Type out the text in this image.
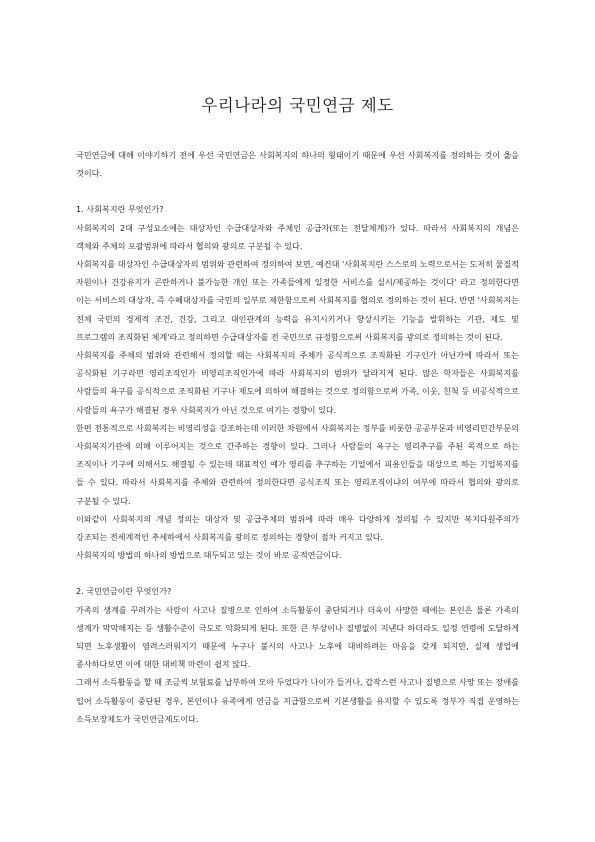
우리나라의 국민연금 제도

국민연금에 대해 이야기하기 전에 우선 국민연금은 사회복지의 하나의 형태이기 때문에 우선 사회복지를 정의하는 것이 옳을 것이다.

1. 사회복지란 무엇인가?

사회복지의 2대 구성요소에는 대상자인 수급대상자와 주체인 공급자(또는 전달체계)가 있다. 따라서 사회복지의 개념은 객체와 주체의 포괄범위에 따라서 협의와 광의로 구분될 수 있다.

사회복지를 대상자인 수급대상자의 범위와 관련하여 정의하여 보면, 예컨대 '사회복지란 스스로의 노력으로서는 도저히 물질적 자원이나 건강유지가 곤란하거나 불가능한 개인 또는 가족들에게 일정한 서비스를 실시/제공하는 것이다' 라고 정의한다면 이는 서비스의 대상자, 즉 수혜대상자를 국민의 일부로 제한함으로써 사회복지를 협의로 정의하는 것이 된다. 반면 '사회복지는 전체 국민의 경제적 조건, 건강, 그리고 대인관계의 능력을 유지시키거나 향상시키는 기능을 발휘하는 기관, 제도 및 프로그램의 조직화된 체계'라고 정의하면 수급대상자를 전 국민으로 규정함으로써 사회복지를 광의로 정의하는 것이 된다.

사회복지를 주체의 범위와 관련해서 정의할 때는 사회복지의 주체가 공식적으로 조직화된 기구인가 아닌가에 따라서 또는 공식화된 기구라면 영리조직인가 비영리조직인가에 따라 사회복지의 범위가 달라지게 된다. 많은 학자들은 사회복지를 사람들의 욕구를 공식적으로 조직화된 기구나 제도에 의하여 해결하는 것으로 정의함으로써 가족, 이웃, 친척 등 비공식적으로 사람들의 욕구가 해결된 경우 사회복지가 아닌 것으로 여기는 경향이 있다.

한편 전통적으로 사회복지는 비영리성을 강조하는데 이러한 차원에서 사회복지는 정부를 비롯한 공공부문과 비영리민간부문의 사회복지기관에 의해 이루어지는 것으로 간주하는 경향이 있다. 그러나 사람들의 욕구는 영리추구를 주된 목적으로 하는 조직이나 기구에 의해서도 해결될 수 있는데 대표적인 예가 영리를 추구하는 기업에서 피용인들을 대상으로 하는 기업복지를 들 수 있다. 따라서 사회복지를 주체와 관련하여 정의한다면 공식조직 또는 영리조직이냐의 여부에 따라서 협의와 광의로 구분될 수 있다.

이와같이 사회복지의 개념 정의는 대상자 및 공급주체의 범위에 따라 매우 다양하게 정의될 수 있지만 복지다원주의가 강조되는 전세계적인 추세하에서 사회복지를 광의로 정의하는 경향이 점차 커지고 있다.

사회복지의 방법의 하나의 방법으로 대두되고 있는 것이 바로 공적연금이다.

2. 국민연금이란 무엇인가?

가족의 생계를 꾸려가는 사람이 사고나 질병으로 인하여 소득활동이 중단되거나 더욱이 사망한 때에는 본인은 물론 가족의 생계가 막막해지는 등 생활수준이 극도로 악화되게 된다. 또한 큰 부상이나 질병없이 지낸다 하더라도 일정 연령에 도달하게 되면 노후생활이 염려스러워지기 때문에 누구나 불시의 사고나 노후에 대비하려는 마음을 갖게 되지만, 실제 생업에 종사하다보면 이에 대한 대비책 마련이 쉽지 않다.

그래서 소득활동을 할 때 조금씩 보험료를 납부하여 모아 두었다가 나이가 들거나, 갑작스런 사고나 질병으로 사망 또는 장애를 입어 소득활동이 중단된 경우, 본인이나 유족에게 연금을 지급함으로써 기본생활을 유지할 수 있도록 정부가 직접 운영하는 소득보장제도가 국민연금제도이다.
